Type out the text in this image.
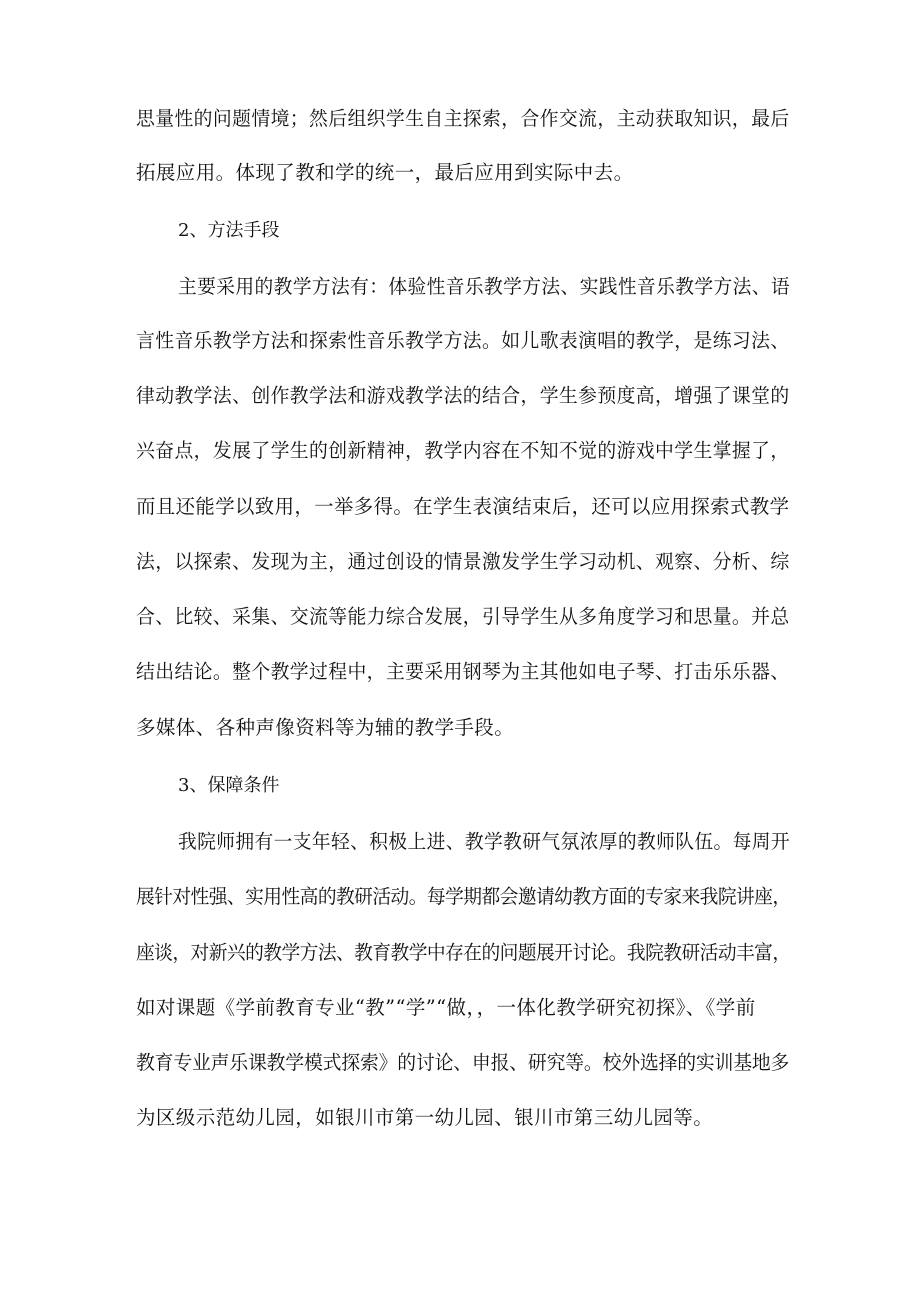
思量性的问题情境；然后组织学生自主探索，合作交流，主动获取知识，最后
拓展应用。体现了教和学的统一，最后应用到实际中去。
2、方法手段
主要采用的教学方法有：体验性音乐教学方法、实践性音乐教学方法、语
言性音乐教学方法和探索性音乐教学方法。如儿歌表演唱的教学，是练习法、
律动教学法、创作教学法和游戏教学法的结合，学生参预度高，增强了课堂的
兴奋点，发展了学生的创新精神，教学内容在不知不觉的游戏中学生掌握了，
而且还能学以致用，一举多得。在学生表演结束后，还可以应用探索式教学
法，以探索、发现为主，通过创设的情景激发学生学习动机、观察、分析、综
合、比较、采集、交流等能力综合发展，引导学生从多角度学习和思量。并总
结出结论。整个教学过程中，主要采用钢琴为主其他如电子琴、打击乐乐器、
多媒体、各种声像资料等为辅的教学手段。
3、保障条件
我院师拥有一支年轻、积极上进、教学教研气氛浓厚的教师队伍。每周开
展针对性强、实用性高的教研活动。每学期都会邀请幼教方面的专家来我院讲座，
座谈，对新兴的教学方法、教育教学中存在的问题展开讨论。我院教研活动丰富，
如对课题《学前教育专业“教”“学”“做，，一体化教学研究初探》、《学前
教育专业声乐课教学模式探索》的讨论、申报、研究等。校外选择的实训基地多
为区级示范幼儿园，如银川市第一幼儿园、银川市第三幼儿园等。
